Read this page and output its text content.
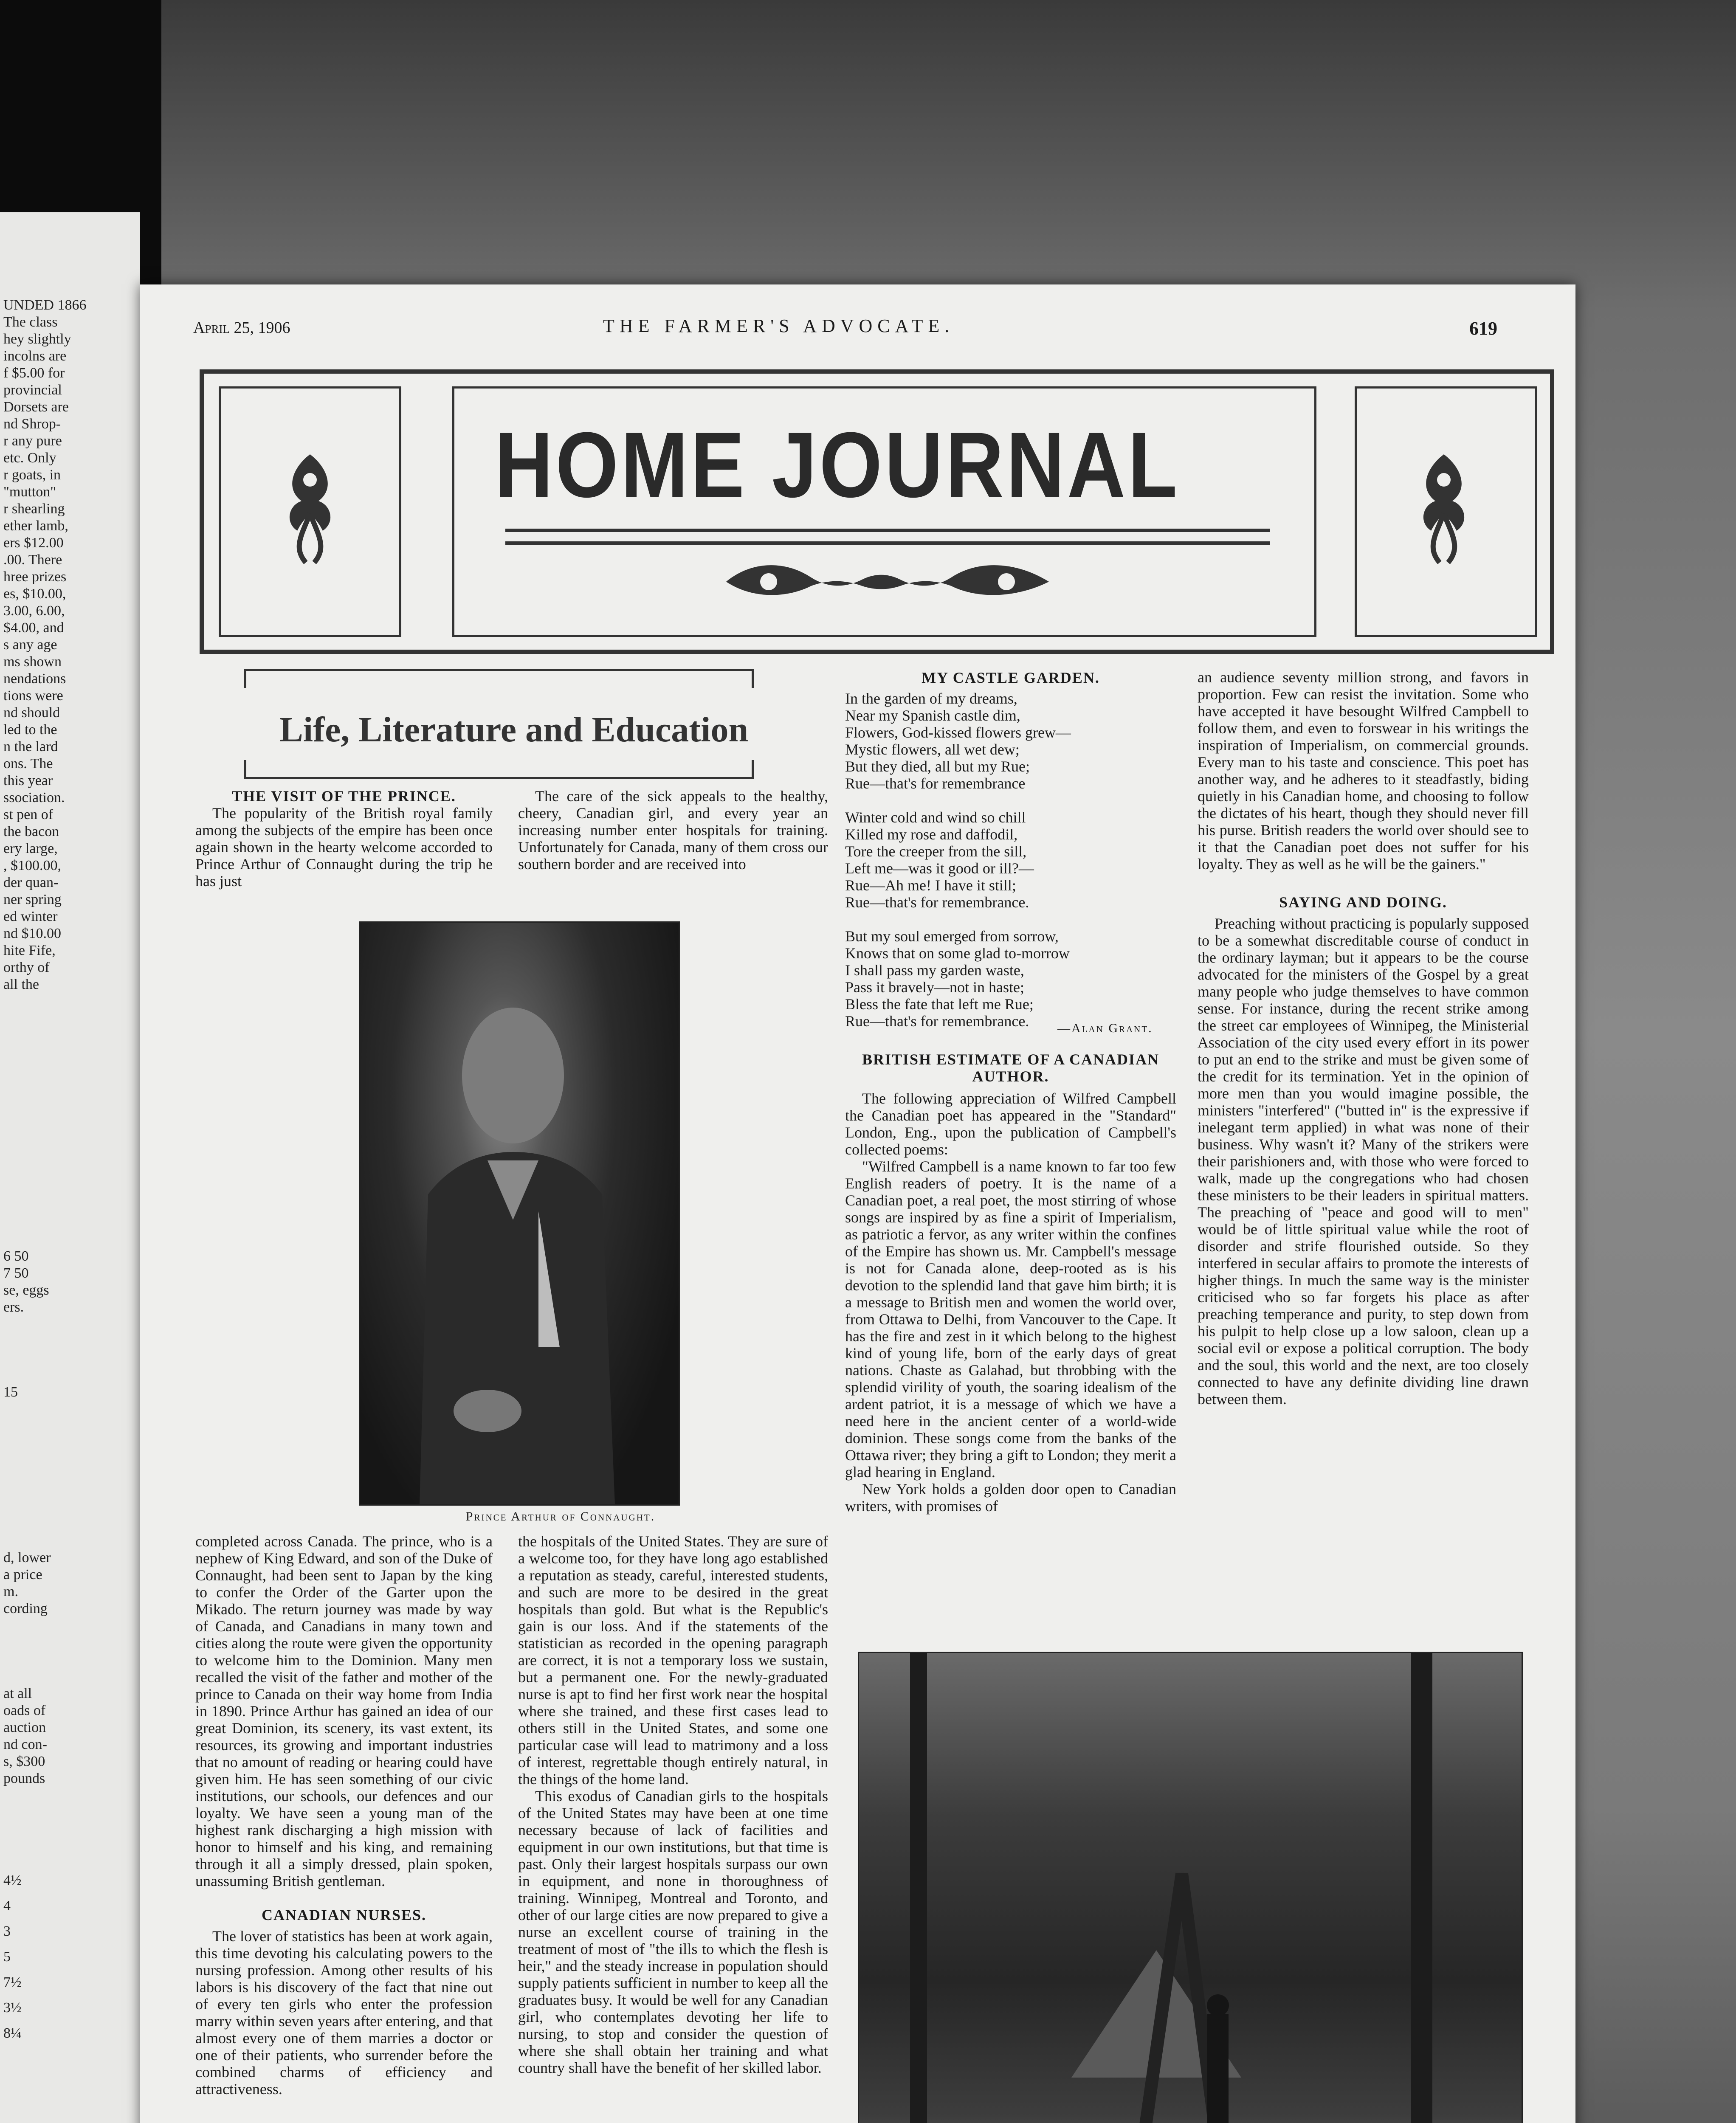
UNDED 1866
The class
hey slightly
incolns are
f $5.00 for
provincial
Dorsets are
nd Shrop-
r any pure
etc. Only
r goats, in
"mutton"
r shearling
ether lamb,
ers $12.00
.00. There
hree prizes
es, $10.00,
3.00, 6.00,
$4.00, and
s any age
ms shown
nendations
tions were
nd should
led to the
n the lard
ons. The
this year
ssociation.
st pen of
the bacon
ery large,
, $100.00,
der quan-
ner spring
ed winter
nd $10.00
hite Fife,
orthy of
all the
6 50
7 50
se, eggs
ers.
15
d, lower
a price
m.
cording
at all
oads of
auction
nd con-
s, $300
pounds
4½
4
3
5
7½
3½
8¼
April 25, 1906	THE FARMER'S ADVOCATE.	619
HOME JOURNAL
Life, Literature and Education
THE VISIT OF THE PRINCE.

The popularity of the British royal family among the subjects of the empire has been once again shown in the hearty welcome accorded to Prince Arthur of Connaught during the trip he has just

The care of the sick appeals to the healthy, cheery, Canadian girl, and every year an increasing number enter hospitals for training. Unfortunately for Canada, many of them cross our southern border and are received into

Prince Arthur of Connaught.

completed across Canada. The prince, who is a nephew of King Edward, and son of the Duke of Connaught, had been sent to Japan by the king to confer the Order of the Garter upon the Mikado. The return journey was made by way of Canada, and Canadians in many town and cities along the route were given the opportunity to welcome him to the Dominion. Many men recalled the visit of the father and mother of the prince to Canada on their way home from India in 1890. Prince Arthur has gained an idea of our great Dominion, its scenery, its vast extent, its resources, its growing and important industries that no amount of reading or hearing could have given him. He has seen something of our civic institutions, our schools, our defences and our loyalty. We have seen a young man of the highest rank discharging a high mission with honor to himself and his king, and remaining through it all a simply dressed, plain spoken, unassuming British gentleman.

CANADIAN NURSES.

The lover of statistics has been at work again, this time devoting his calculating powers to the nursing profession. Among other results of his labors is his discovery of the fact that nine out of every ten girls who enter the profession marry within seven years after entering, and that almost every one of them marries a doctor or one of their patients, who surrender before the combined charms of efficiency and attractiveness.

the hospitals of the United States. They are sure of a welcome too, for they have long ago established a reputation as steady, careful, interested students, and such are more to be desired in the great hospitals than gold. But what is the Republic's gain is our loss. And if the statements of the statistician as recorded in the opening paragraph are correct, it is not a temporary loss we sustain, but a permanent one. For the newly-graduated nurse is apt to find her first work near the hospital where she trained, and these first cases lead to others still in the United States, and some one particular case will lead to matrimony and a loss of interest, regrettable though entirely natural, in the things of the home land.

This exodus of Canadian girls to the hospitals of the United States may have been at one time necessary because of lack of facilities and equipment in our own institutions, but that time is past. Only their largest hospitals surpass our own in equipment, and none in thoroughness of training. Winnipeg, Montreal and Toronto, and other of our large cities are now prepared to give a nurse an excellent course of training in the treatment of most of "the ills to which the flesh is heir," and the steady increase in population should supply patients sufficient in number to keep all the graduates busy. It would be well for any Canadian girl, who contemplates devoting her life to nursing, to stop and consider the question of where she shall obtain her training and what country shall have the benefit of her skilled labor.

MY CASTLE GARDEN.
In the garden of my dreams,
Near my Spanish castle dim,
Flowers, God-kissed flowers grew—
Mystic flowers, all wet dew;
But they died, all but my Rue;
Rue—that's for remembrance
Winter cold and wind so chill
Killed my rose and daffodil,
Tore the creeper from the sill,
Left me—was it good or ill?—
Rue—Ah me! I have it still;
Rue—that's for remembrance.
But my soul emerged from sorrow,
Knows that on some glad to-morrow
I shall pass my garden waste,
Pass it bravely—not in haste;
Bless the fate that left me Rue;
Rue—that's for remembrance.	—Alan Grant.
BRITISH ESTIMATE OF A CANADIAN AUTHOR.

The following appreciation of Wilfred Campbell the Canadian poet has appeared in the "Standard" London, Eng., upon the publication of Campbell's collected poems:

"Wilfred Campbell is a name known to far too few English readers of poetry. It is the name of a Canadian poet, a real poet, the most stirring of whose songs are inspired by as fine a spirit of Imperialism, as patriotic a fervor, as any writer within the confines of the Empire has shown us. Mr. Campbell's message is not for Canada alone, deep-rooted as is his devotion to the splendid land that gave him birth; it is a message to British men and women the world over, from Ottawa to Delhi, from Vancouver to the Cape. It has the fire and zest in it which belong to the highest kind of young life, born of the early days of great nations. Chaste as Galahad, but throbbing with the splendid virility of youth, the soaring idealism of the ardent patriot, it is a message of which we have a need here in the ancient center of a world-wide dominion. These songs come from the banks of the Ottawa river; they bring a gift to London; they merit a glad hearing in England.

New York holds a golden door open to Canadian writers, with promises of

an audience seventy million strong, and favors in proportion. Few can resist the invitation. Some who have accepted it have besought Wilfred Campbell to follow them, and even to forswear in his writings the inspiration of Imperialism, on commercial grounds. Every man to his taste and conscience. This poet has another way, and he adheres to it steadfastly, biding quietly in his Canadian home, and choosing to follow the dictates of his heart, though they should never fill his purse. British readers the world over should see to it that the Canadian poet does not suffer for his loyalty. They as well as he will be the gainers."

SAYING AND DOING.

Preaching without practicing is popularly supposed to be a somewhat discreditable course of conduct in the ordinary layman; but it appears to be the course advocated for the ministers of the Gospel by a great many people who judge themselves to have common sense. For instance, during the recent strike among the street car employees of Winnipeg, the Ministerial Association of the city used every effort in its power to put an end to the strike and must be given some of the credit for its termination. Yet in the opinion of more men than you would imagine possible, the ministers "interfered" ("butted in" is the expressive if inelegant term applied) in what was none of their business. Why wasn't it? Many of the strikers were their parishioners and, with those who were forced to walk, made up the congregations who had chosen these ministers to be their leaders in spiritual matters. The preaching of "peace and good will to men" would be of little spiritual value while the root of disorder and strife flourished outside. So they interfered in secular affairs to promote the interests of higher things. In much the same way is the minister criticised who so far forgets his place as after preaching temperance and purity, to step down from his pulpit to help close up a low saloon, clean up a social evil or expose a political corruption. The body and the soul, this world and the next, are too closely connected to have any definite dividing line drawn between them.
